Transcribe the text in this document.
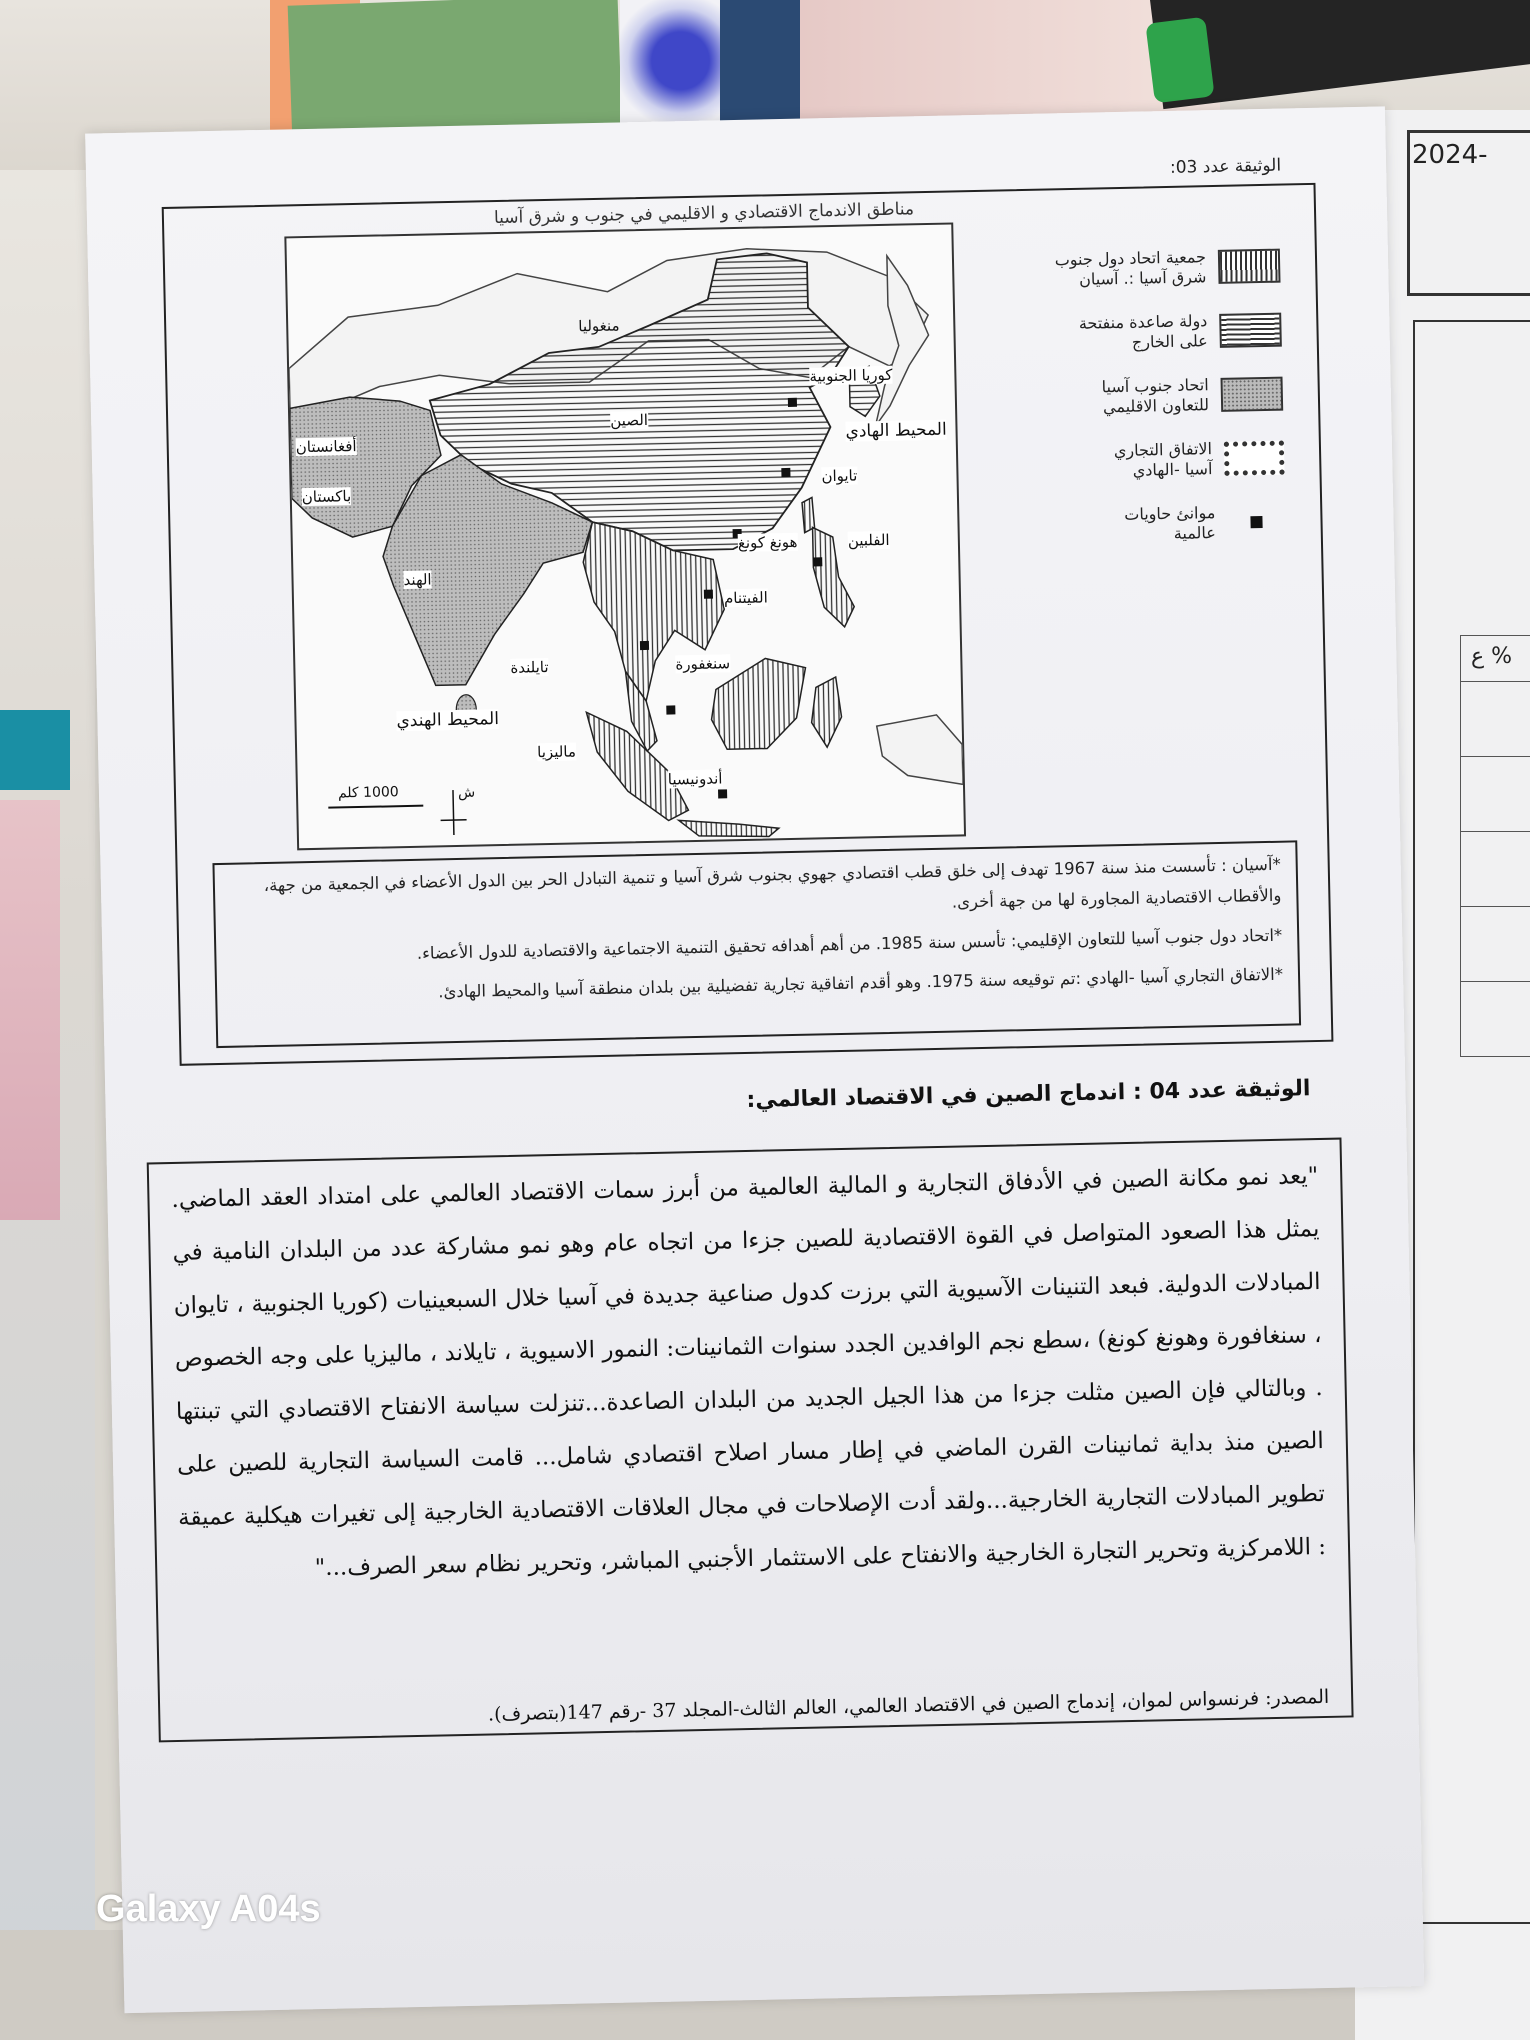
% ع
2024-
الوثيقة عدد 03:
مناطق الاندماج الاقتصادي و الاقليمي في جنوب و شرق آسيا
منغوليا
الصين
كوريا الجنوبية
المحيط الهادي
تايوان
هونغ كونغ	الفلبين
الفيتنام
أفغانستان
باكستان
الهند
تايلندة	سنغفورة
المحيط الهندي
ماليزيا
أندونيسيا
1000 كلم	ش
جمعية اتحاد دول جنوب
شرق آسيا :. آسيان
دولة صاعدة منفتحة
على الخارج
اتحاد جنوب آسيا
للتعاون الاقليمي
الاتفاق التجاري
آسيا -الهادي
موانئ حاويات
عالمية
*آسيان : تأسست منذ سنة 1967 تهدف إلى خلق قطب اقتصادي جهوي بجنوب شرق آسيا و تنمية التبادل الحر بين الدول الأعضاء في الجمعية من جهة، والأقطاب الاقتصادية المجاورة لها من جهة أخرى.
*اتحاد دول جنوب آسيا للتعاون الإقليمي: تأسس سنة 1985. من أهم أهدافه تحقيق التنمية الاجتماعية والاقتصادية للدول الأعضاء.
*الاتفاق التجاري آسيا -الهادي :تم توقيعه سنة 1975. وهو أقدم اتفاقية تجارية تفضيلية بين بلدان منطقة آسيا والمحيط الهادئ.
الوثيقة عدد 04 : اندماج الصين في الاقتصاد العالمي:
"يعد نمو مكانة الصين في الأدفاق التجارية و المالية العالمية من أبرز سمات الاقتصاد العالمي على امتداد العقد الماضي. يمثل هذا الصعود المتواصل في القوة الاقتصادية للصين جزءا من اتجاه عام وهو نمو مشاركة عدد من البلدان النامية في المبادلات الدولية. فبعد التنينات الآسيوية التي برزت كدول صناعية جديدة في آسيا خلال السبعينيات (كوريا الجنوبية ، تايوان ، سنغافورة وهونغ كونغ) ،سطع نجم الوافدين الجدد سنوات الثمانينات: النمور الاسيوية ، تايلاند ، ماليزيا على وجه الخصوص . وبالتالي فإن الصين مثلت جزءا من هذا الجيل الجديد من البلدان الصاعدة...تنزلت سياسة الانفتاح الاقتصادي التي تبنتها الصين منذ بداية ثمانينات القرن الماضي في إطار مسار اصلاح اقتصادي شامل... قامت السياسة التجارية للصين على تطوير المبادلات التجارية الخارجية...ولقد أدت الإصلاحات في مجال العلاقات الاقتصادية الخارجية إلى تغيرات هيكلية عميقة : اللامركزية وتحرير التجارة الخارجية والانفتاح على الاستثمار الأجنبي المباشر، وتحرير نظام سعر الصرف..."
المصدر: فرنسواس لموان، إندماج الصين في الاقتصاد العالمي، العالم الثالث-المجلد 37 -رقم 147(بتصرف).
Galaxy A04s
